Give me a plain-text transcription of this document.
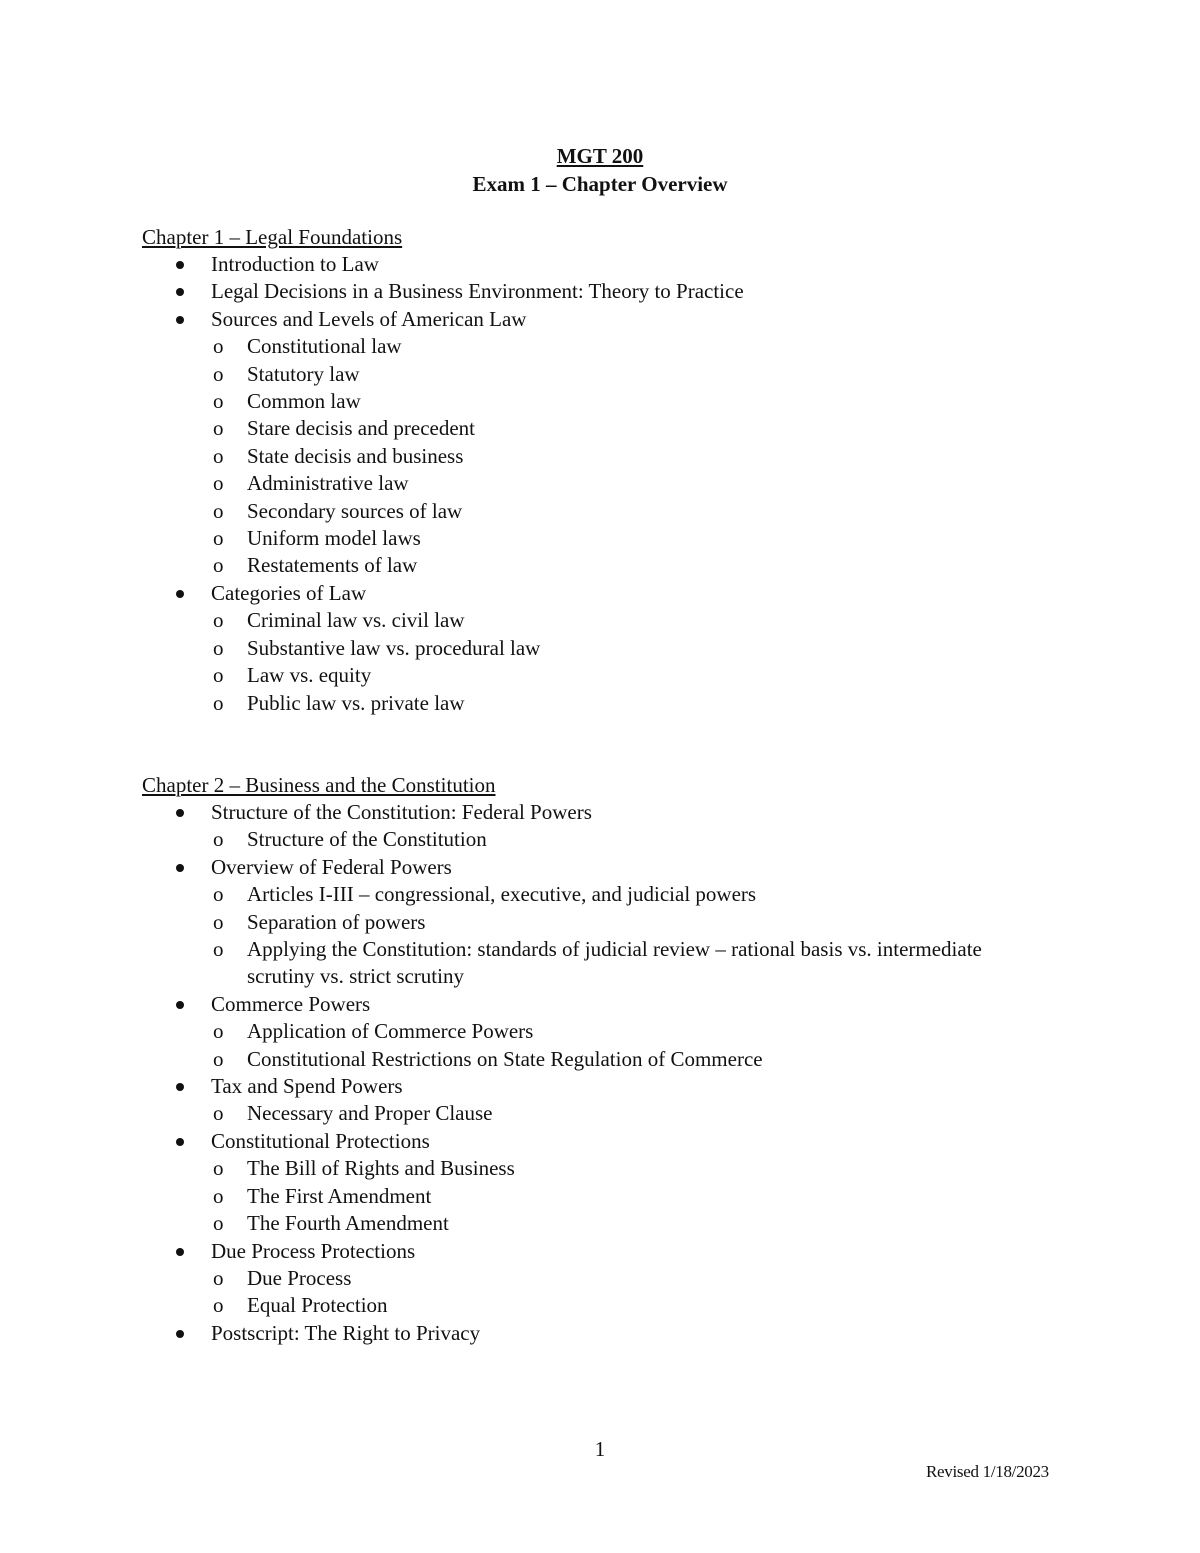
MGT 200
Exam 1 – Chapter Overview
Chapter 1 – Legal Foundations
Introduction to Law
Legal Decisions in a Business Environment: Theory to Practice
Sources and Levels of American Law
o Constitutional law
o Statutory law
o Common law
o Stare decisis and precedent
o State decisis and business
o Administrative law
o Secondary sources of law
o Uniform model laws
o Restatements of law
Categories of Law
o Criminal law vs. civil law
o Substantive law vs. procedural law
o Law vs. equity
o Public law vs. private law
Chapter 2 – Business and the Constitution
Structure of the Constitution: Federal Powers
o Structure of the Constitution
Overview of Federal Powers
o Articles I-III – congressional, executive, and judicial powers
o Separation of powers
o Applying the Constitution: standards of judicial review – rational basis vs. intermediate scrutiny vs. strict scrutiny
Commerce Powers
o Application of Commerce Powers
o Constitutional Restrictions on State Regulation of Commerce
Tax and Spend Powers
o Necessary and Proper Clause
Constitutional Protections
o The Bill of Rights and Business
o The First Amendment
o The Fourth Amendment
Due Process Protections
o Due Process
o Equal Protection
Postscript: The Right to Privacy
1
Revised 1/18/2023
